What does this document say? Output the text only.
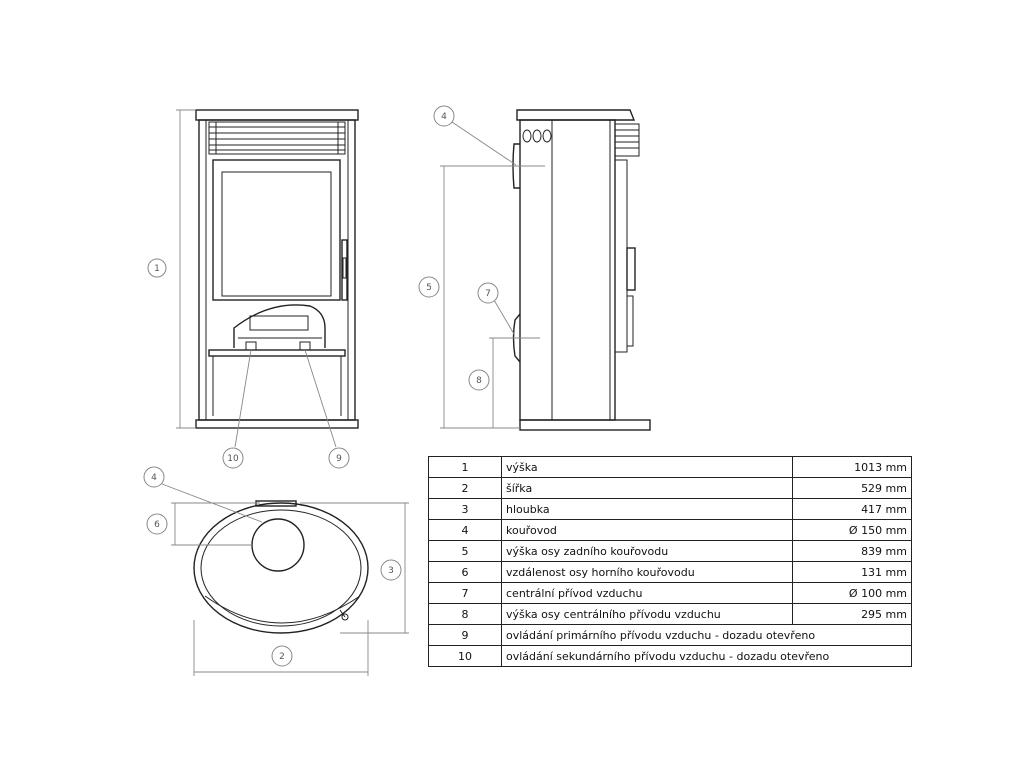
1
10	9
4
5
7
8
4
6
3
2
1	výška	1013 mm
2	šířka	529 mm
3	hloubka	417 mm
4	kouřovod	Ø 150 mm
5	výška osy zadního kouřovodu	839 mm
6	vzdálenost osy horního kouřovodu	131 mm
7	centrální přívod vzduchu	Ø 100 mm
8	výška osy centrálního přívodu vzduchu	295 mm
9	ovládání primárního přívodu vzduchu - dozadu otevřeno	
10	ovládání sekundárního přívodu vzduchu - dozadu otevřeno	
